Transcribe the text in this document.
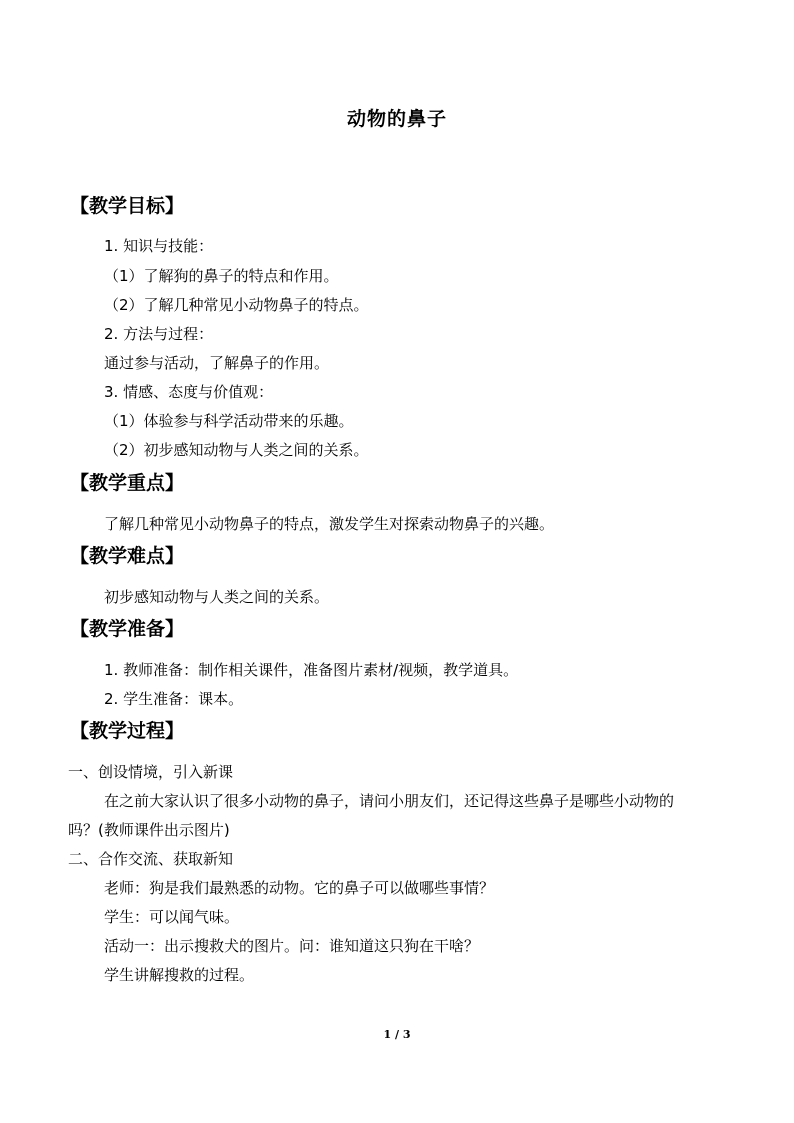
动物的鼻子
【教学目标】
1. 知识与技能：
（1）了解狗的鼻子的特点和作用。
（2）了解几种常见小动物鼻子的特点。
2. 方法与过程：
通过参与活动，了解鼻子的作用。
3. 情感、态度与价值观：
（1）体验参与科学活动带来的乐趣。
（2）初步感知动物与人类之间的关系。
【教学重点】
了解几种常见小动物鼻子的特点，激发学生对探索动物鼻子的兴趣。
【教学难点】
初步感知动物与人类之间的关系。
【教学准备】
1. 教师准备：制作相关课件，准备图片素材/视频，教学道具。
2. 学生准备：课本。
【教学过程】
一、创设情境，引入新课
在之前大家认识了很多小动物的鼻子，请问小朋友们，还记得这些鼻子是哪些小动物的
吗？(教师课件出示图片)
二、合作交流、获取新知
老师：狗是我们最熟悉的动物。它的鼻子可以做哪些事情？
学生：可以闻气味。
活动一：出示搜救犬的图片。问：谁知道这只狗在干啥？
学生讲解搜救的过程。
1 / 3
